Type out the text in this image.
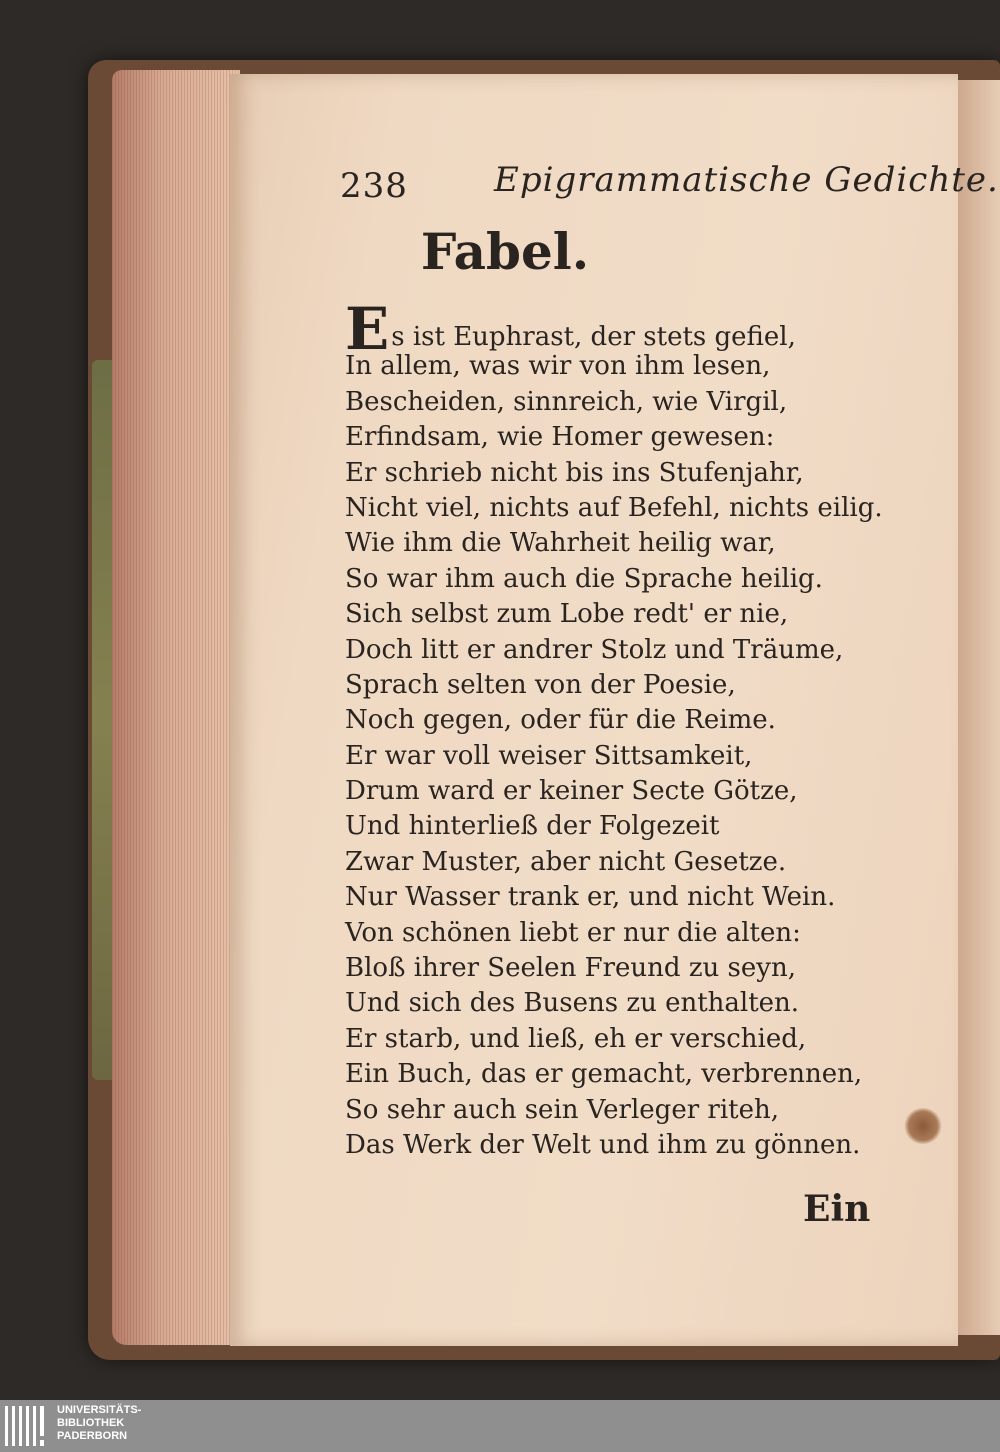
238	Epigrammatische Gedichte.
Fabel.
Es ist Euphrast, der stets gefiel,
In allem, was wir von ihm lesen,
Bescheiden, sinnreich, wie Virgil,
Erfindsam, wie Homer gewesen:
Er schrieb nicht bis ins Stufenjahr,
Nicht viel, nichts auf Befehl, nichts eilig.
Wie ihm die Wahrheit heilig war,
So war ihm auch die Sprache heilig.
Sich selbst zum Lobe redt' er nie,
Doch litt er andrer Stolz und Träume,
Sprach selten von der Poesie,
Noch gegen, oder für die Reime.
Er war voll weiser Sittsamkeit,
Drum ward er keiner Secte Götze,
Und hinterließ der Folgezeit
Zwar Muster, aber nicht Gesetze.
Nur Wasser trank er, und nicht Wein.
Von schönen liebt er nur die alten:
Bloß ihrer Seelen Freund zu seyn,
Und sich des Busens zu enthalten.
Er starb, und ließ, eh er verschied,
Ein Buch, das er gemacht, verbrennen,
So sehr auch sein Verleger riteh,
Das Werk der Welt und ihm zu gönnen.
Ein
UNIVERSITÄTS-
BIBLIOTHEK
PADERBORN
